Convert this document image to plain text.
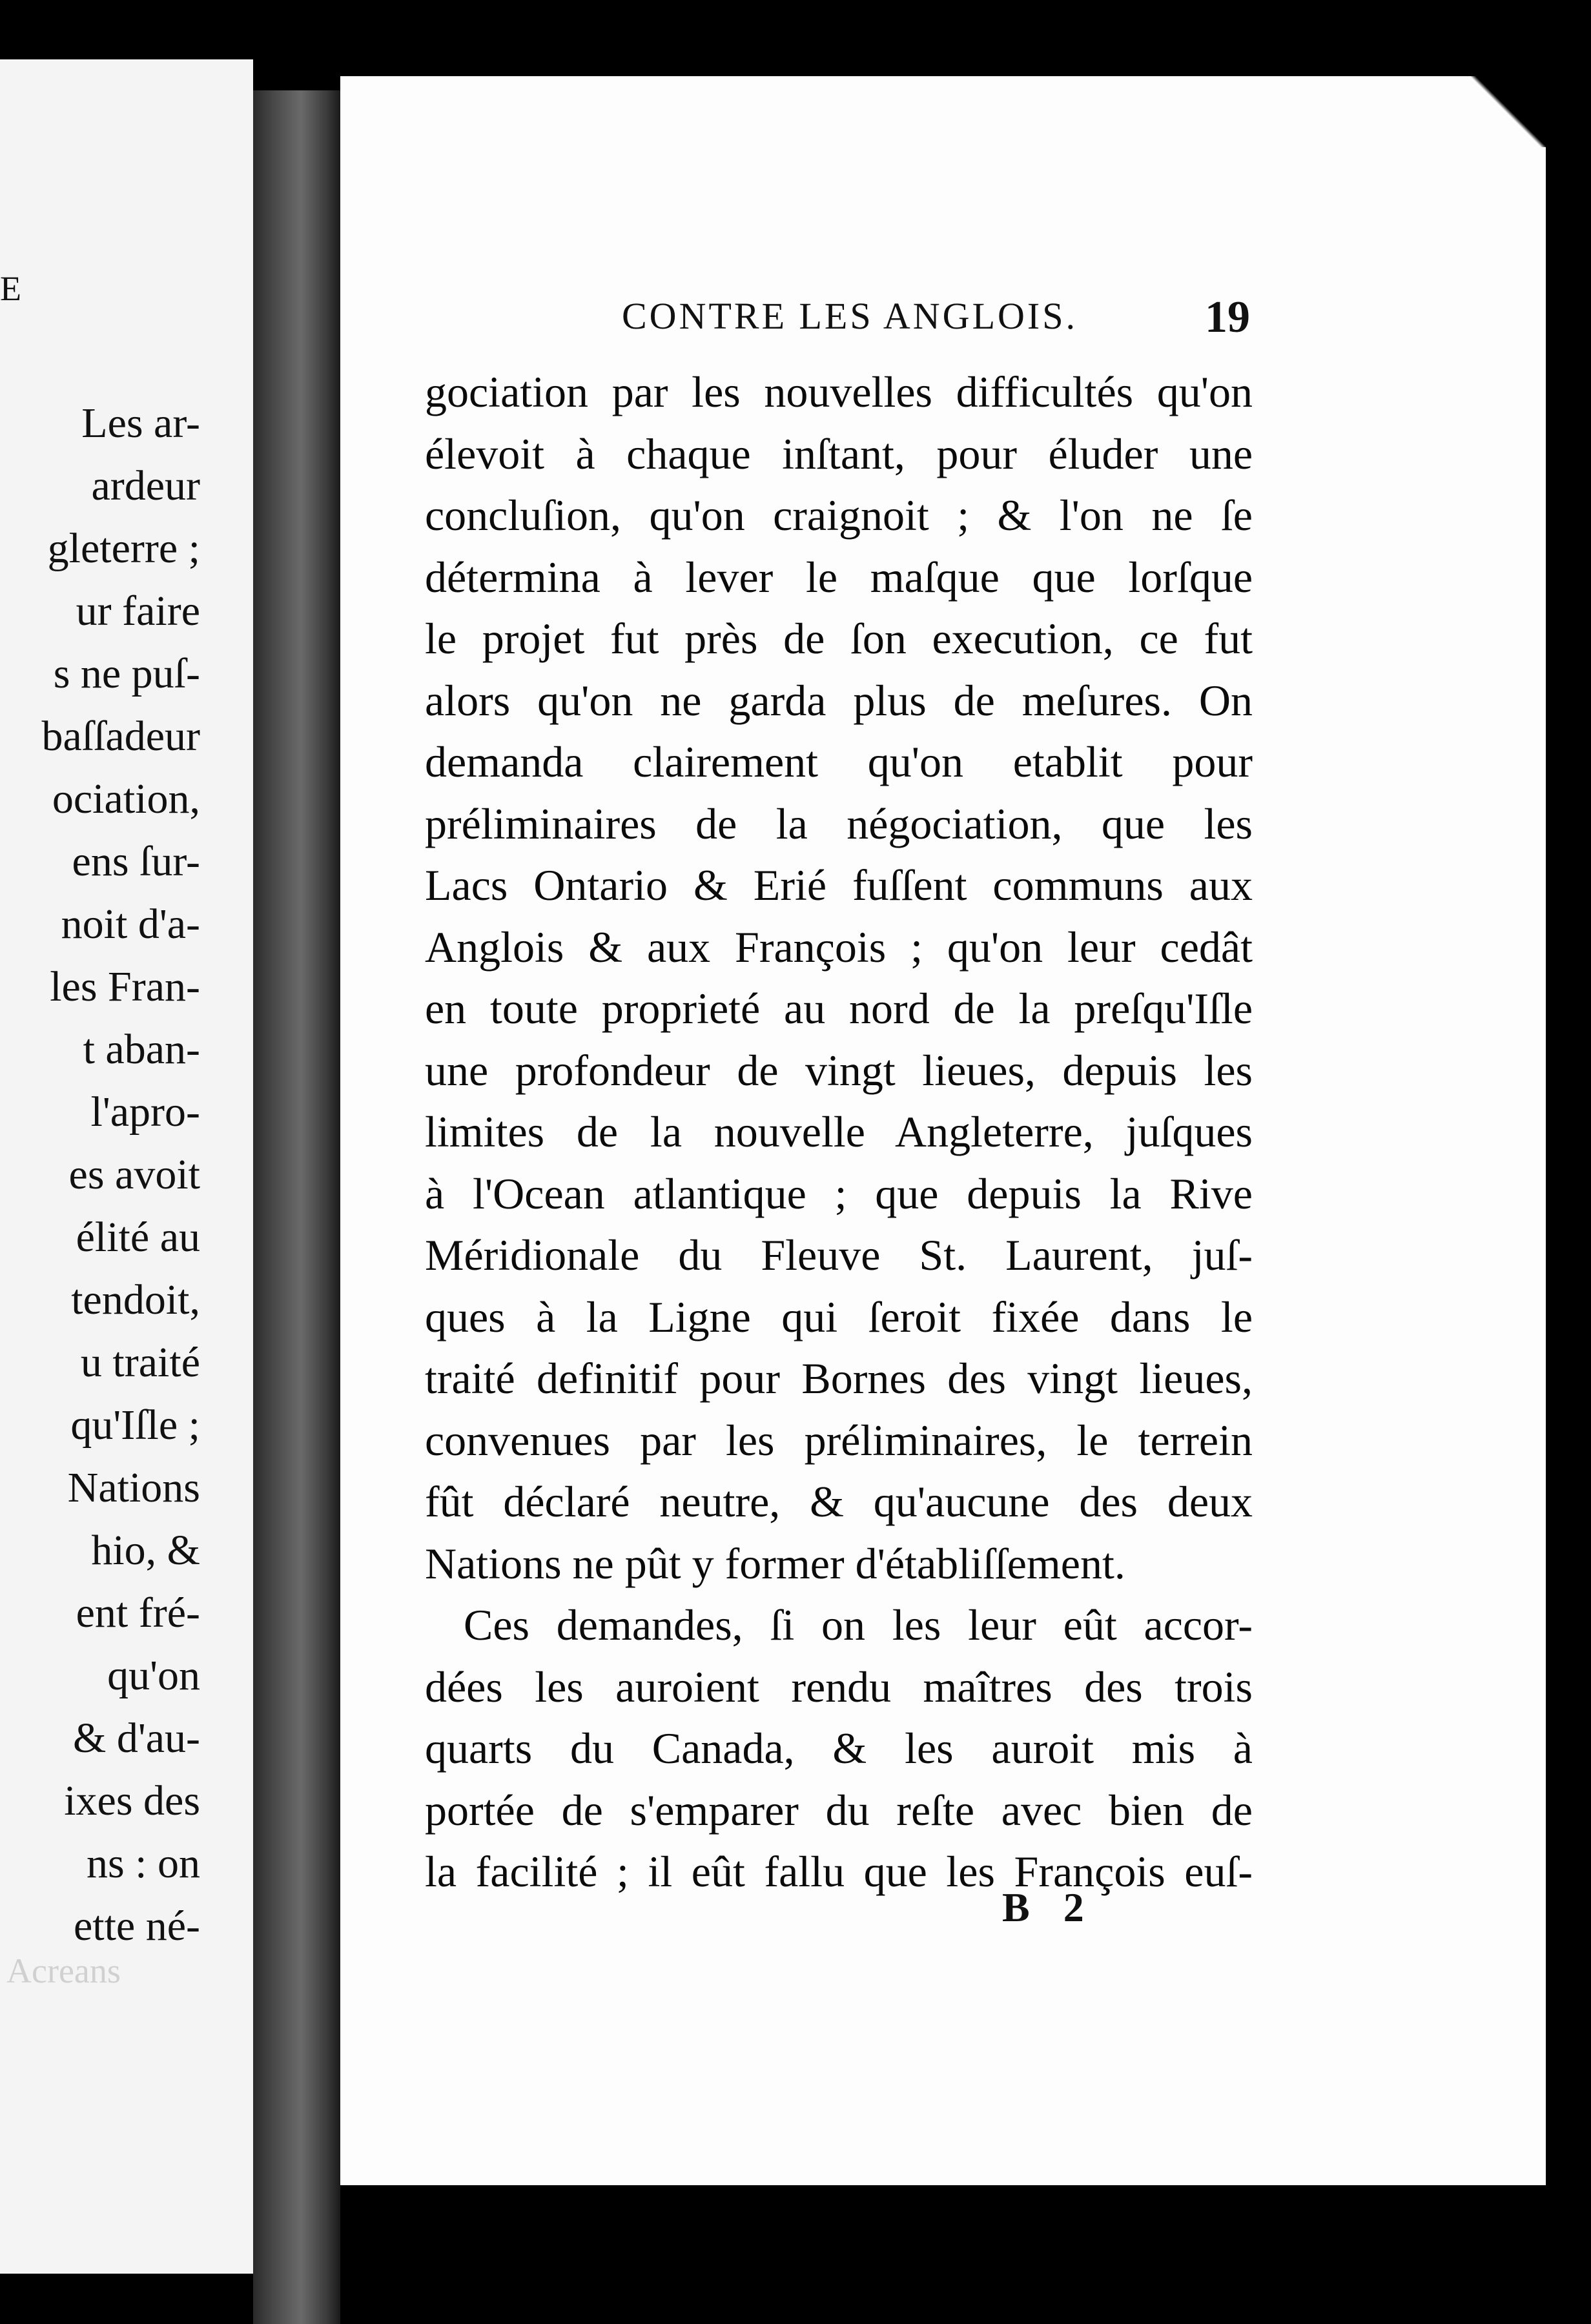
E
Les ar-
ardeur
gleterre ;
ur faire
s ne puſ-
baſſadeur
ociation,
ens ſur-
noit d'a-
les Fran-
t aban-
l'apro-
es avoit
élité au
tendoit,
u traité
qu'Iſle ;
Nations
hio, &
ent fré-
qu'on
& d'au-
ixes des
ns : on
ette né-
Acreans
CONTRE LES ANGLOIS.	19
gociation par les nouvelles difficultés qu'on
élevoit à chaque inſtant, pour éluder une
concluſion, qu'on craignoit ; & l'on ne ſe
détermina à lever le maſque que lorſque
le projet fut près de ſon execution, ce fut
alors qu'on ne garda plus de meſures. On
demanda clairement qu'on etablit pour
préliminaires de la négociation, que les
Lacs Ontario & Erié fuſſent communs aux
Anglois & aux François ; qu'on leur cedât
en toute proprieté au nord de la preſqu'Iſle
une profondeur de vingt lieues, depuis les
limites de la nouvelle Angleterre, juſques
à l'Ocean atlantique ; que depuis la Rive
Méridionale du Fleuve St. Laurent, juſ-
ques à la Ligne qui ſeroit fixée dans le
traité definitif pour Bornes des vingt lieues,
convenues par les préliminaires, le terrein
fût déclaré neutre, & qu'aucune des deux
Nations ne pût y former d'établiſſement.
Ces demandes, ſi on les leur eût accor-
dées les auroient rendu maîtres des trois
quarts du Canada, & les auroit mis à
portée de s'emparer du reſte avec bien de
la facilité ; il eût fallu que les François euſ-
B 2
